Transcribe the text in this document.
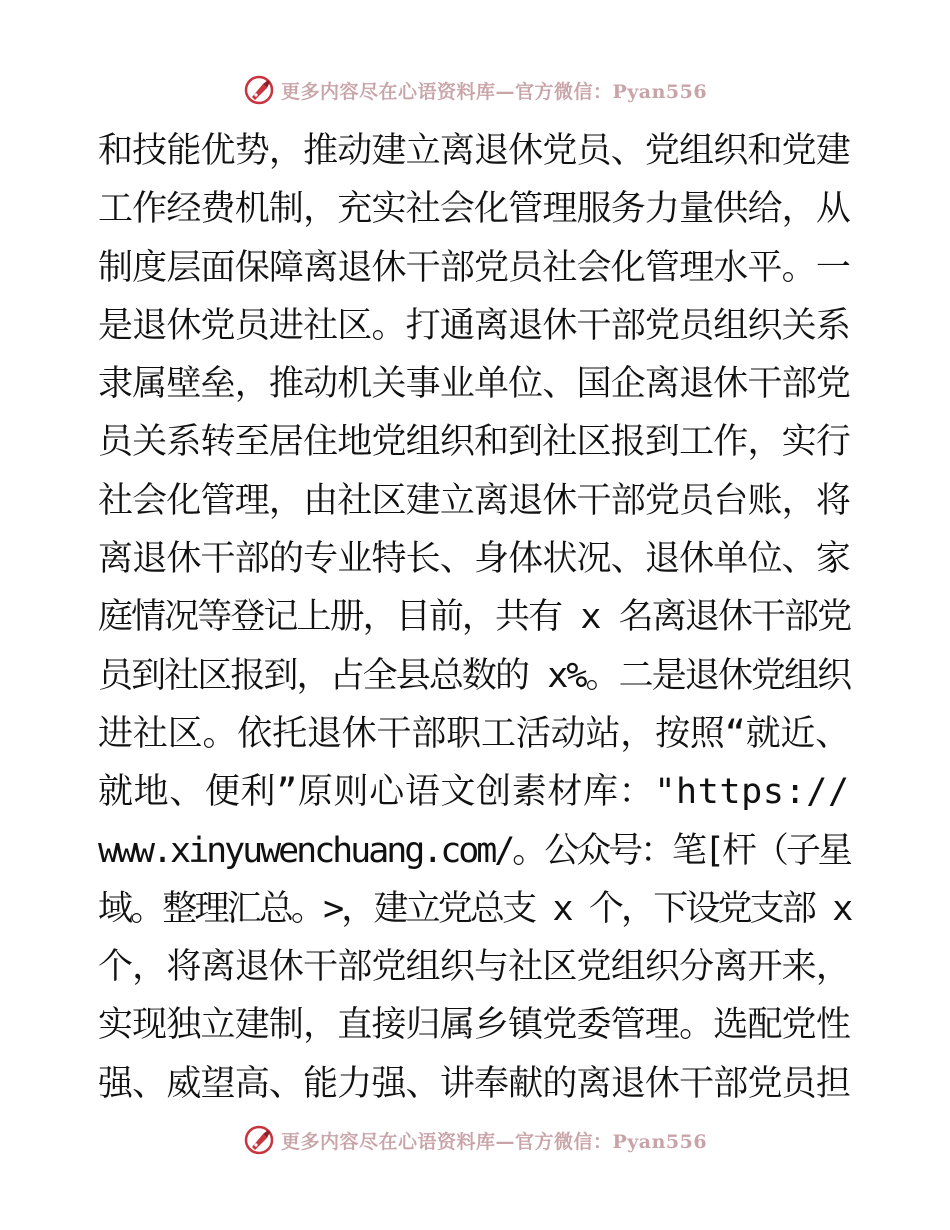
更多内容尽在心语资料库—官方微信：Pyan556
和技能优势，推动建立离退休党员、党组织和党建
工作经费机制，充实社会化管理服务力量供给，从
制度层面保障离退休干部党员社会化管理水平。一
是退休党员进社区。打通离退休干部党员组织关系
隶属壁垒，推动机关事业单位、国企离退休干部党
员关系转至居住地党组织和到社区报到工作，实行
社会化管理，由社区建立离退休干部党员台账，将
离退休干部的专业特长、身体状况、退休单位、家
庭情况等登记上册，目前，共有 x 名离退休干部党
员到社区报到，占全县总数的 x%。二是退休党组织
进社区。依托退休干部职工活动站，按照“就近、
就地、便利”原则心语文创素材库："https://
www.xinyuwenchuang.com/。公众号：笔[杆（子星
域。整理汇总。>，建立党总支 x 个，下设党支部 x
个，将离退休干部党组织与社区党组织分离开来，
实现独立建制，直接归属乡镇党委管理。选配党性
强、威望高、能力强、讲奉献的离退休干部党员担
更多内容尽在心语资料库—官方微信：Pyan556
